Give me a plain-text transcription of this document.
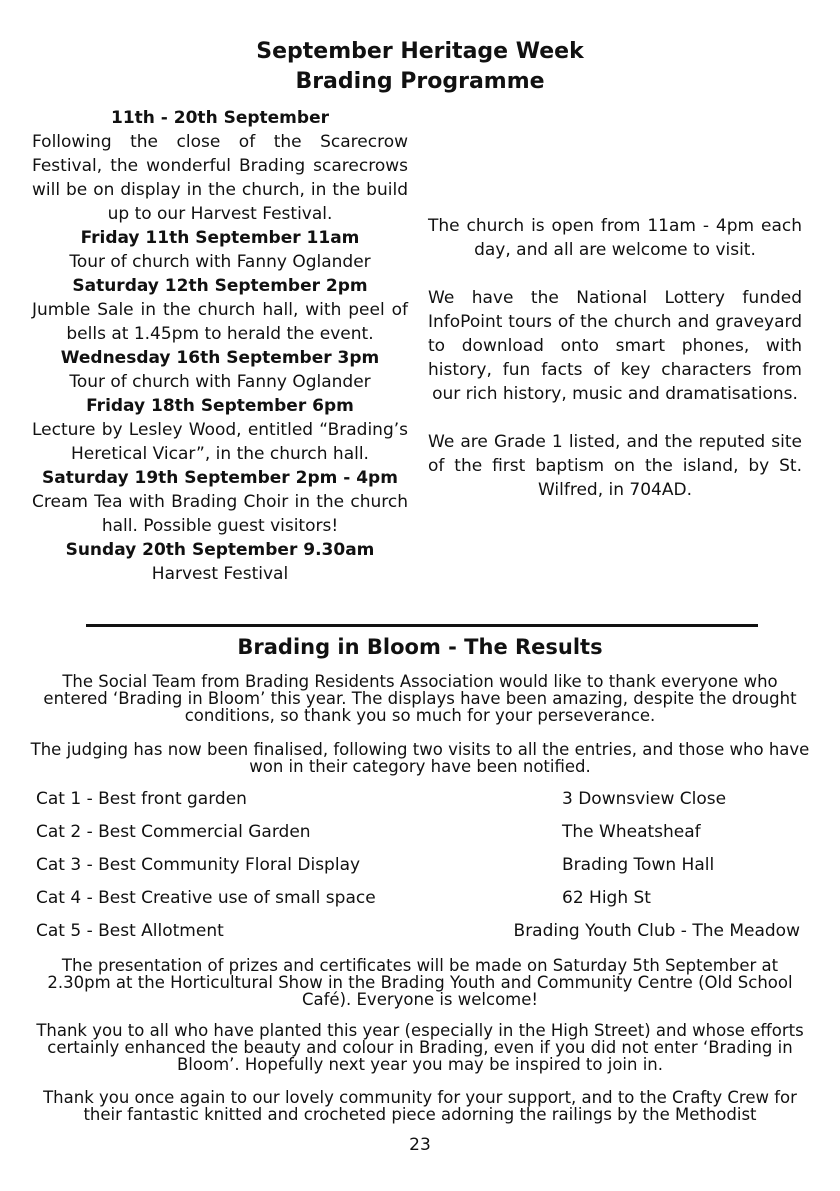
September Heritage Week
Brading Programme

11th - 20th September

Following the close of the Scarecrow Festival, the wonderful Brading scarecrows will be on display in the church, in the build up to our Harvest Festival.

Friday 11th September 11am

Tour of church with Fanny Oglander

Saturday 12th September 2pm

Jumble Sale in the church hall, with peel of bells at 1.45pm to herald the event.

Wednesday 16th September 3pm

Tour of church with Fanny Oglander

Friday 18th September 6pm

Lecture by Lesley Wood, entitled “Brading’s Heretical Vicar”, in the church hall.

Saturday 19th September 2pm - 4pm

Cream Tea with Brading Choir in the church hall. Possible guest visitors!

Sunday 20th September 9.30am

Harvest Festival

The church is open from 11am - 4pm each day, and all are welcome to visit.

We have the National Lottery funded InfoPoint tours of the church and graveyard to download onto smart phones, with history, fun facts of key characters from our rich history, music and dramatisations.

We are Grade 1 listed, and the reputed site of the first baptism on the island, by St. Wilfred, in 704AD.

Brading in Bloom - The Results

The Social Team from Brading Residents Association would like to thank everyone who entered ‘Brading in Bloom’ this year. The displays have been amazing, despite the drought conditions, so thank you so much for your perseverance.

The judging has now been finalised, following two visits to all the entries, and those who have won in their category have been notified.

Cat 1 - Best front garden	3 Downsview Close
Cat 2 - Best Commercial Garden	The Wheatsheaf
Cat 3 - Best Community Floral Display	Brading Town Hall
Cat 4 - Best Creative use of small space	62 High St
Cat 5 - Best Allotment	Brading Youth Club - The Meadow

The presentation of prizes and certificates will be made on Saturday 5th September at 2.30pm at the Horticultural Show in the Brading Youth and Community Centre (Old School Café). Everyone is welcome!

Thank you to all who have planted this year (especially in the High Street) and whose efforts certainly enhanced the beauty and colour in Brading, even if you did not enter ‘Brading in Bloom’. Hopefully next year you may be inspired to join in.

Thank you once again to our lovely community for your support, and to the Crafty Crew for their fantastic knitted and crocheted piece adorning the railings by the Methodist

23
